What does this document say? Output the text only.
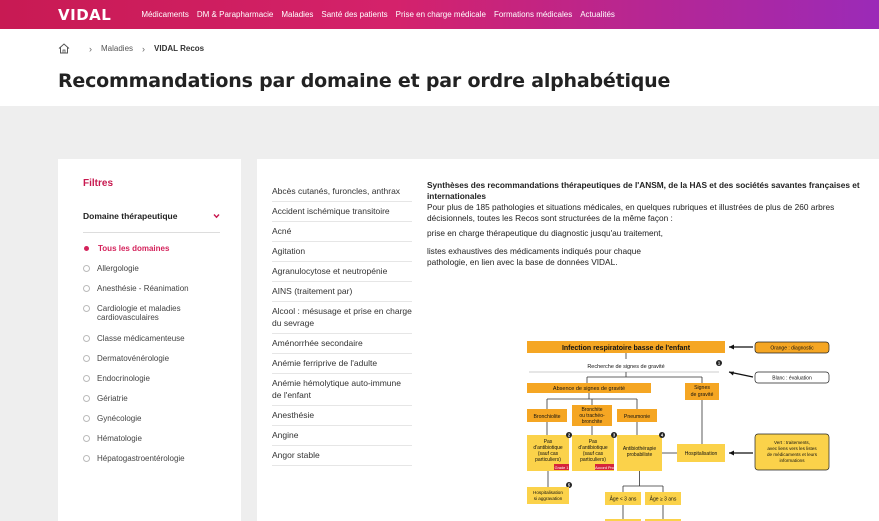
VIDAL	Médicaments DM & Parapharmacie Maladies Santé des patients Prise en charge médicale Formations médicales Actualités
› Maladies › VIDAL Recos
Recommandations par domaine et par ordre alphabétique
Filtres
Domaine thérapeutique
Tous les domaines
Allergologie
Anesthésie - Réanimation
Cardiologie et maladies cardiovasculaires
Classe médicamenteuse
Dermatovénérologie
Endocrinologie
Gériatrie
Gynécologie
Hématologie
Hépatogastroentérologie
Abcès cutanés, furoncles, anthrax
Accident ischémique transitoire
Acné
Agitation
Agranulocytose et neutropénie
AINS (traitement par)
Alcool : mésusage et prise en charge du sevrage
Aménorrhée secondaire
Anémie ferriprive de l'adulte
Anémie hémolytique auto-immune de l'enfant
Anesthésie
Angine
Angor stable

Synthèses des recommandations thérapeutiques de l'ANSM, de la HAS et des sociétés savantes françaises et internationales

Pour plus de 185 pathologies et situations médicales, en quelques rubriques et illustrées de plus de 260 arbres décisionnels, toutes les Recos sont structurées de la même façon :

prise en charge thérapeutique du diagnostic jusqu'au traitement,

listes exhaustives des médicaments indiqués pour chaque pathologie, en lien avec la base de données VIDAL.

Infection respiratoire basse de l'enfant
Recherche de signes de gravité
Absence de signes de gravité	Signes
de gravité
Bronchiolite
Bronchite
ou trachéo-
bronchite
Pneumonie
Pas
d'antibiotique
(sauf cas
particuliers)
Grade 1
Pas
d'antibiotique
(sauf cas
particuliers)
Accord Pro
Antibiothérapie
probabiliste	Hospitalisation
Hospitalisation
si aggravation	Âge < 3 ans	Âge ≥ 3 ans
Orange : diagnostic
Blanc : évaluation
Vert : traitements,
avec liens vers les listes
de médicaments et leurs
informations
1
2	3	4
5
